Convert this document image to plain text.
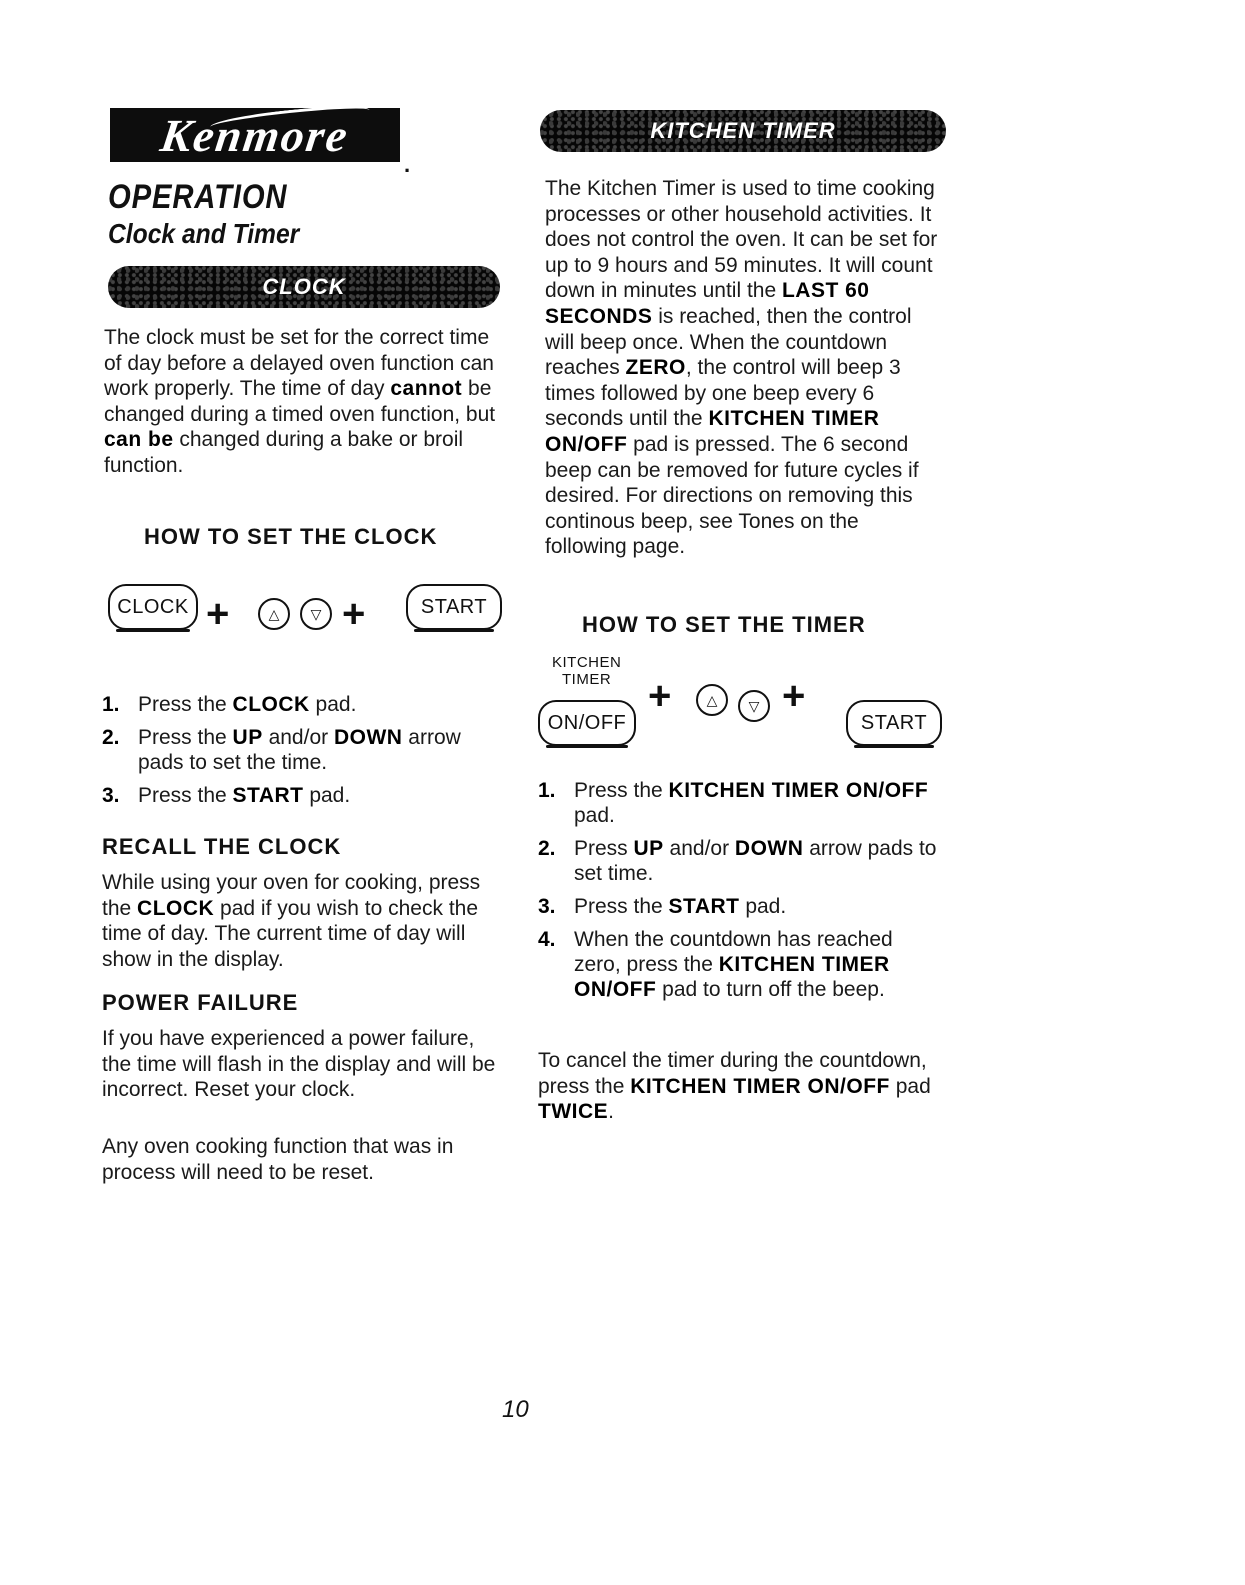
Kenmore
.
OPERATION
Clock and Timer
CLOCK

The clock must be set for the correct time of day before a delayed oven function can work properly. The time of day cannot be changed during a timed oven function, but can be changed during a bake or broil function.

HOW TO SET THE CLOCK
CLOCK +	△	▽ +	START
1. Press the CLOCK pad.
2. Press the UP and/or DOWN arrow pads to set the time.
3. Press the START pad.
RECALL THE CLOCK

While using your oven for cooking, press the CLOCK pad if you wish to check the time of day. The current time of day will show in the display.

POWER FAILURE

If you have experienced a power failure, the time will flash in the display and will be incorrect. Reset your clock.

Any oven cooking function that was in process will need to be reset.

KITCHEN TIMER

The Kitchen Timer is used to time cooking processes or other household activities. It does not control the oven. It can be set for up to 9 hours and 59 minutes. It will count down in minutes until the LAST 60 SECONDS is reached, then the control will beep once. When the countdown reaches ZERO, the control will beep 3 times followed by one beep every 6 seconds until the KITCHEN TIMER ON/OFF pad is pressed. The 6 second beep can be removed for future cycles if desired. For directions on removing this continous beep, see Tones on the following page.

HOW TO SET THE TIMER
KITCHEN
TIMER
ON/OFF
+	△	▽ +
START
1. Press the KITCHEN TIMER ON/OFF pad.
2. Press UP and/or DOWN arrow pads to set time.
3. Press the START pad.
4. When the countdown has reached zero, press the KITCHEN TIMER ON/OFF pad to turn off the beep.

To cancel the timer during the countdown, press the KITCHEN TIMER ON/OFF pad TWICE.

10
